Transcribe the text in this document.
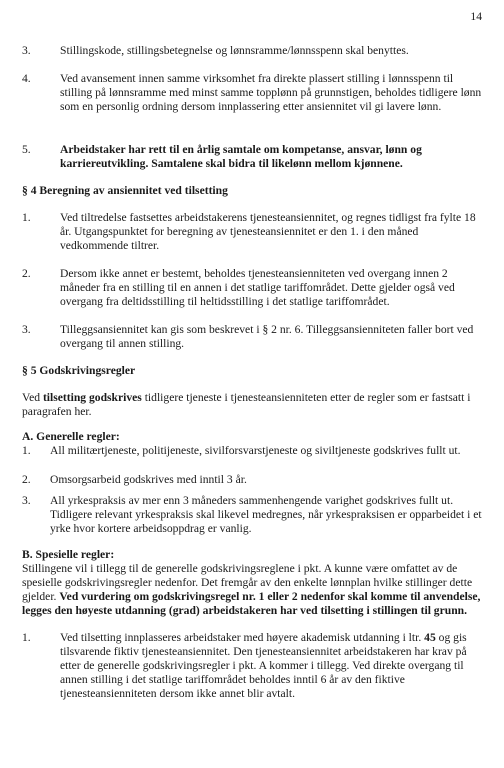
14
3.	Stillingskode, stillingsbetegnelse og lønnsramme/lønnsspenn skal benyttes.
4.	Ved avansement innen samme virksomhet fra direkte plassert stilling i lønnsspenn til stilling på lønnsramme med minst samme topplønn på grunnstigen, beholdes tidligere lønn som en personlig ordning dersom innplassering etter ansiennitet vil gi lavere lønn.
5.	Arbeidstaker har rett til en årlig samtale om kompetanse, ansvar, lønn og karriereutvikling. Samtalene skal bidra til likelønn mellom kjønnene.
§ 4 Beregning av ansiennitet ved tilsetting
1.	Ved tiltredelse fastsettes arbeidstakerens tjenesteansiennitet, og regnes tidligst fra fylte 18 år. Utgangspunktet for beregning av tjenesteansiennitet er den 1. i den måned vedkommende tiltrer.
2.	Dersom ikke annet er bestemt, beholdes tjenesteansienniteten ved overgang innen 2 måneder fra en stilling til en annen i det statlige tariffområdet. Dette gjelder også ved overgang fra deltidsstilling til heltidsstilling i det statlige tariffområdet.
3.	Tilleggsansiennitet kan gis som beskrevet i § 2 nr. 6. Tilleggsansienniteten faller bort ved overgang til annen stilling.
§ 5 Godskrivingsregler
Ved tilsetting godskrives tidligere tjeneste i tjenesteansienniteten etter de regler som er fastsatt i paragrafen her.
A. Generelle regler:
1.	All militærtjeneste, politijeneste, sivilforsvarstjeneste og siviltjeneste godskrives fullt ut.
2.	Omsorgsarbeid godskrives med inntil 3 år.
3.	All yrkespraksis av mer enn 3 måneders sammenhengende varighet godskrives fullt ut. Tidligere relevant yrkespraksis skal likevel medregnes, når yrkespraksisen er opparbeidet i et yrke hvor kortere arbeidsoppdrag er vanlig.
B. Spesielle regler:
Stillingene vil i tillegg til de generelle godskrivingsreglene i pkt. A kunne være omfattet av de spesielle godskrivingsregler nedenfor. Det fremgår av den enkelte lønnplan hvilke stillinger dette gjelder. Ved vurdering om godskrivingsregel nr. 1 eller 2 nedenfor skal komme til anvendelse, legges den høyeste utdanning (grad) arbeidstakeren har ved tilsetting i stillingen til grunn.
1.	Ved tilsetting innplasseres arbeidstaker med høyere akademisk utdanning i ltr. 45 og gis tilsvarende fiktiv tjenesteansiennitet. Den tjenesteansiennitet arbeidstakeren har krav på etter de generelle godskrivingsregler i pkt. A kommer i tillegg. Ved direkte overgang til annen stilling i det statlige tariffområdet beholdes inntil 6 år av den fiktive tjenesteansienniteten dersom ikke annet blir avtalt.
